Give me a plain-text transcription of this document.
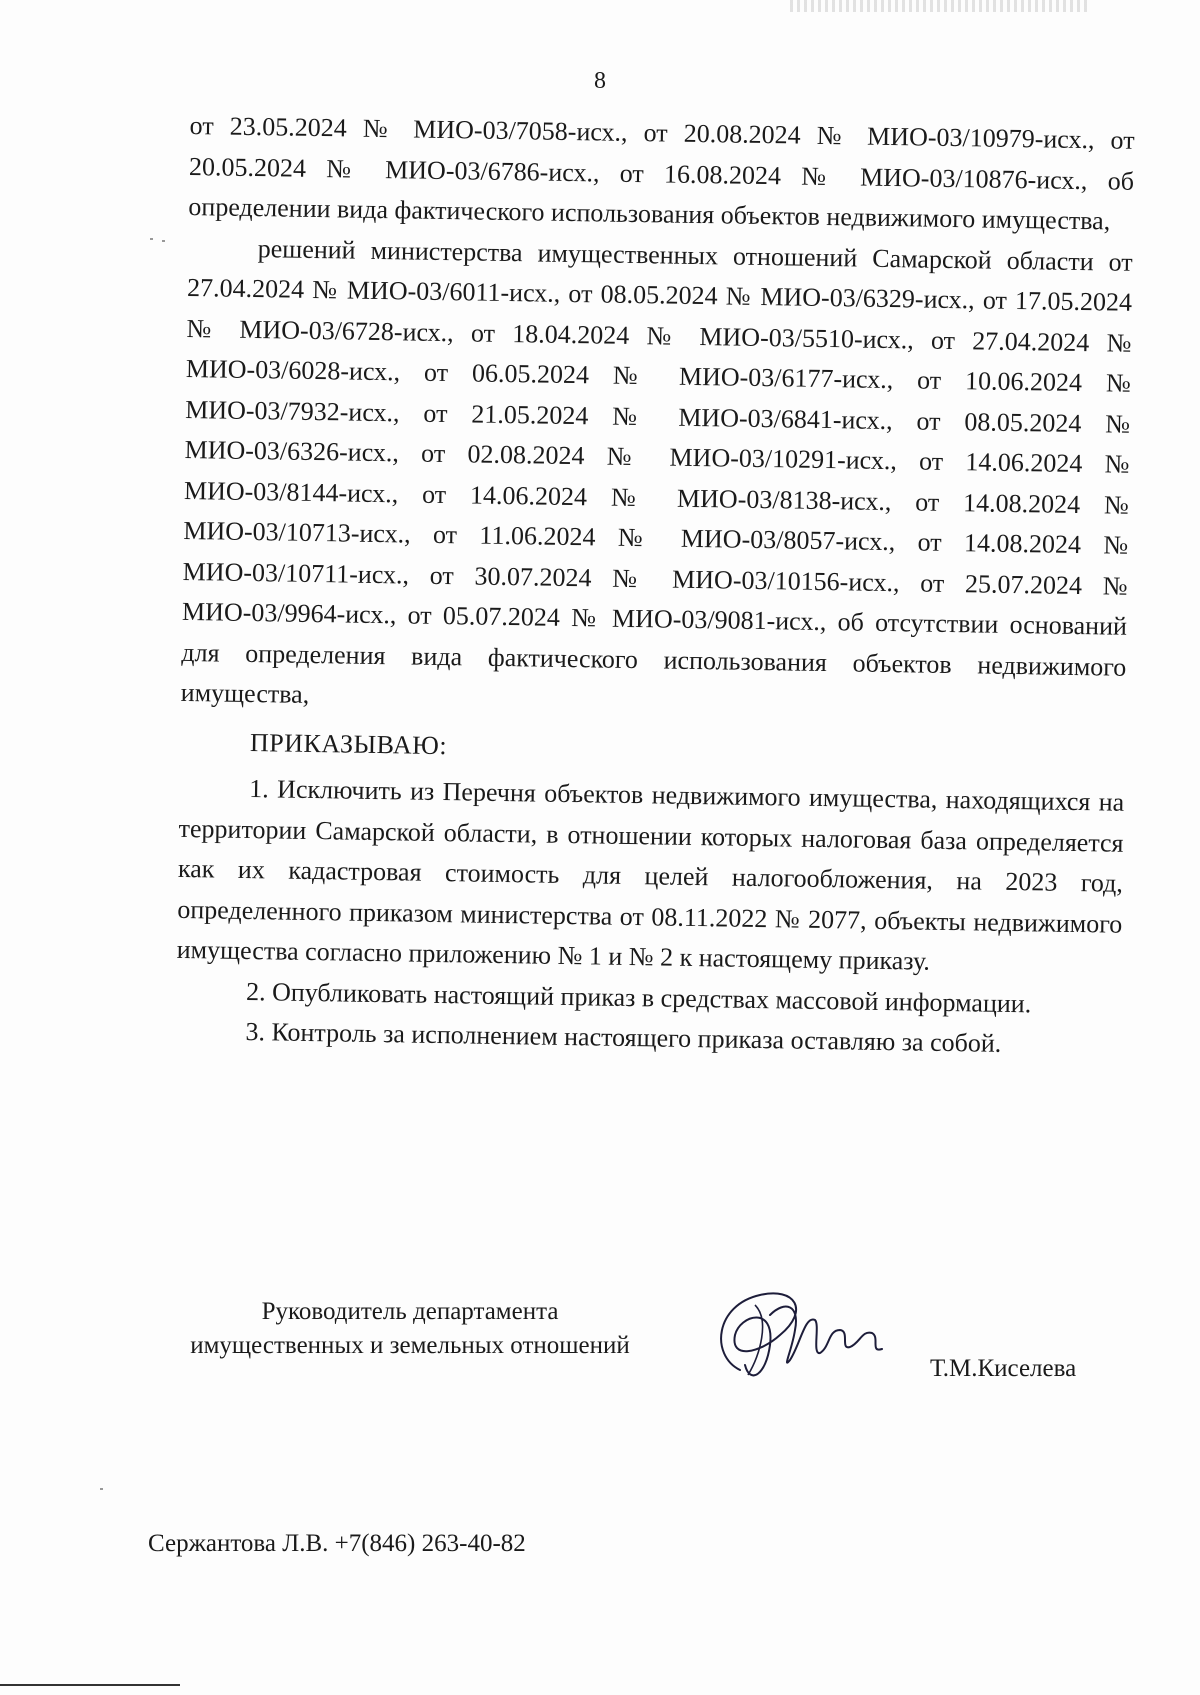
8

от 23.05.2024 № МИО-03/7058-исх., от 20.08.2024 № МИО-03/10979-исх., от 20.05.2024 № МИО-03/6786-исх., от 16.08.2024 № МИО-03/10876-исх., об определении вида фактического использования объектов недвижимого имущества,

решений министерства имущественных отношений Самарской области от 27.04.2024 № МИО-03/6011-исх., от 08.05.2024 № МИО-03/6329-исх., от 17.05.2024 № МИО-03/6728-исх., от 18.04.2024 № МИО-03/5510-исх., от 27.04.2024 № МИО-03/6028-исх., от 06.05.2024 № МИО-03/6177-исх., от 10.06.2024 № МИО-03/7932-исх., от 21.05.2024 № МИО-03/6841-исх., от 08.05.2024 № МИО-03/6326-исх., от 02.08.2024 № МИО-03/10291-исх., от 14.06.2024 № МИО-03/8144-исх., от 14.06.2024 № МИО-03/8138-исх., от 14.08.2024 № МИО-03/10713-исх., от 11.06.2024 № МИО-03/8057-исх., от 14.08.2024 № МИО-03/10711-исх., от 30.07.2024 № МИО-03/10156-исх., от 25.07.2024 № МИО-03/9964-исх., от 05.07.2024 № МИО-03/9081-исх., об отсутствии оснований для определения вида фактического использования объектов недвижимого имущества,

ПРИКАЗЫВАЮ:

1. Исключить из Перечня объектов недвижимого имущества, находящихся на территории Самарской области, в отношении которых налоговая база определяется как их кадастровая стоимость для целей налогообложения, на 2023 год, определенного приказом министерства от 08.11.2022 № 2077, объекты недвижимого имущества согласно приложению № 1 и № 2 к настоящему приказу.

2. Опубликовать настоящий приказ в средствах массовой информации.

3. Контроль за исполнением настоящего приказа оставляю за собой.

Руководитель департамента
имущественных и земельных отношений
Т.М.Киселева
Сержантова Л.В. +7(846) 263-40-82
